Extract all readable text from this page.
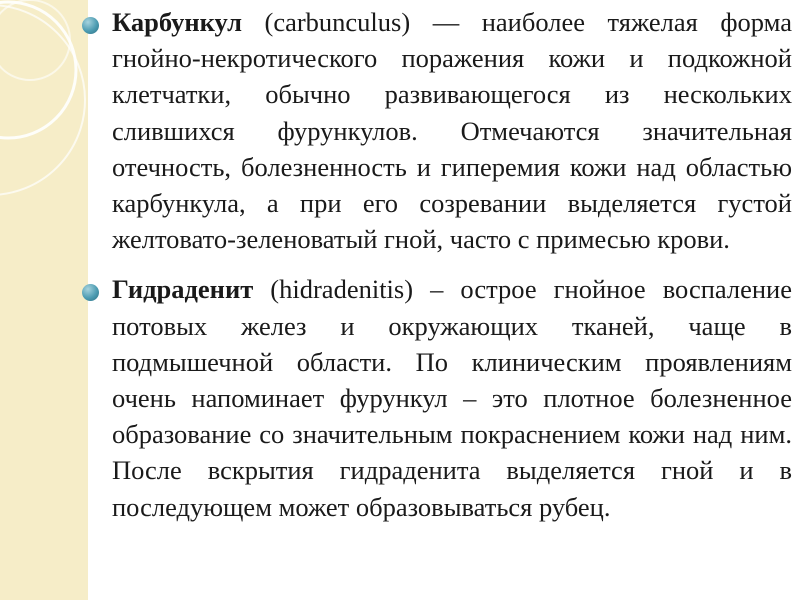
Карбункул (carbunculus) — наиболее тяжелая форма гнойно-некротического поражения кожи и подкожной клетчатки, обычно развивающегося из нескольких слившихся фурункулов. Отмечаются значительная отечность, болезненность и гиперемия кожи над областью карбункула, а при его созревании выделяется густой желтовато-зеленоватый гной, часто с примесью крови.
Гидраденит (hidradenitis) – острое гнойное воспаление потовых желез и окружающих тканей, чаще в подмышечной области. По клиническим проявлениям очень напоминает фурункул – это плотное болезненное образование со значительным покраснением кожи над ним. После вскрытия гидраденита выделяется гной и в последующем может образовываться рубец.
